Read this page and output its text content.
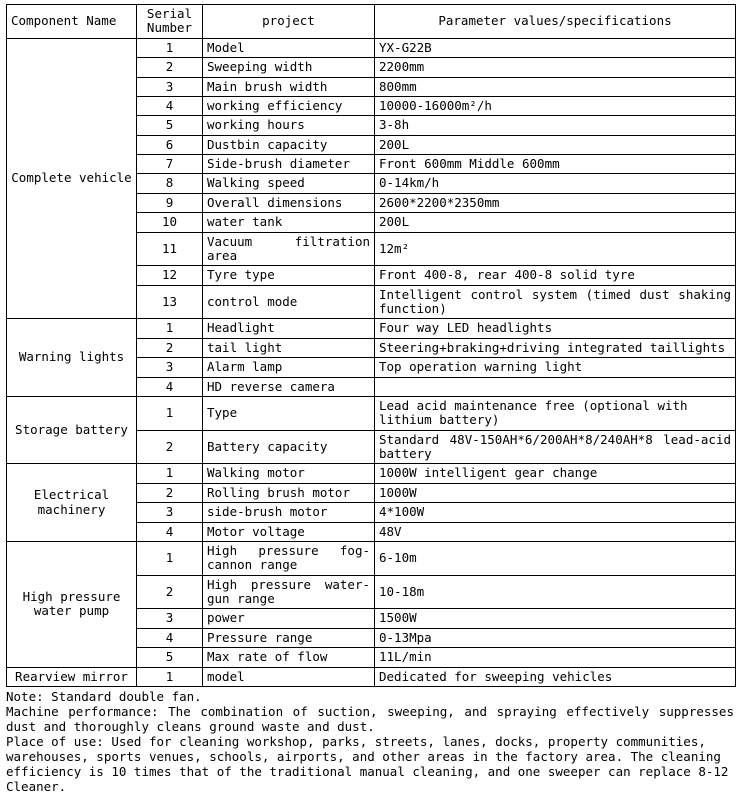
Component Name	Serial Number	project	Parameter values/specifications
Complete vehicle	1	Model	YX-G22B
	2	Sweeping width	2200mm
	3	Main brush width	800mm
	4	working efficiency	10000-16000m²/h
	5	working hours	3-8h
	6	Dustbin capacity	200L
	7	Side-brush diameter	Front 600mm Middle 600mm
	8	Walking speed	0-14km/h
	9	Overall dimensions	2600*2200*2350mm
	10	water tank	200L
	11	Vacuum filtration area	12m²
	12	Tyre type	Front 400-8, rear 400-8 solid tyre
	13	control mode	Intelligent control system (timed dust shaking function)
Warning lights	1	Headlight	Four way LED headlights
	2	tail light	Steering+braking+driving integrated taillights
	3	Alarm lamp	Top operation warning light
	4	HD reverse camera	
Storage battery	1	Type	Lead acid maintenance free (optional with lithium battery)
	2	Battery capacity	Standard 48V-150AH*6/200AH*8/240AH*8 lead-acid battery
Electrical machinery	1	Walking motor	1000W intelligent gear change
	2	Rolling brush motor	1000W
	3	side-brush motor	4*100W
	4	Motor voltage	48V
High pressure water pump	1	High pressure fog-cannon range	6-10m
	2	High pressure water-gun range	10-18m
	3	power	1500W
	4	Pressure range	0-13Mpa
	5	Max rate of flow	11L/min
Rearview mirror	1	model	Dedicated for sweeping vehicles

Note: Standard double fan.

Machine performance: The combination of suction, sweeping, and spraying effectively suppresses dust and thoroughly cleans ground waste and dust.

Place of use: Used for cleaning workshop, parks, streets, lanes, docks, property communities, warehouses, sports venues, schools, airports, and other areas in the factory area. The cleaning efficiency is 10 times that of the traditional manual cleaning, and one sweeper can replace 8-12 Cleaner.
